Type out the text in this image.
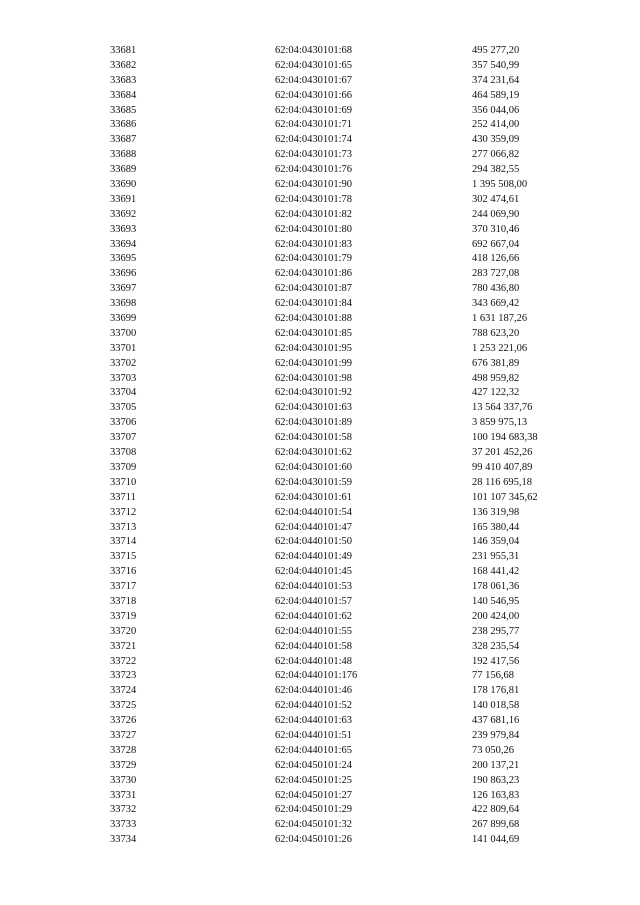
33681	62:04:0430101:68	495 277,20
33682	62:04:0430101:65	357 540,99
33683	62:04:0430101:67	374 231,64
33684	62:04:0430101:66	464 589,19
33685	62:04:0430101:69	356 044,06
33686	62:04:0430101:71	252 414,00
33687	62:04:0430101:74	430 359,09
33688	62:04:0430101:73	277 066,82
33689	62:04:0430101:76	294 382,55
33690	62:04:0430101:90	1 395 508,00
33691	62:04:0430101:78	302 474,61
33692	62:04:0430101:82	244 069,90
33693	62:04:0430101:80	370 310,46
33694	62:04:0430101:83	692 667,04
33695	62:04:0430101:79	418 126,66
33696	62:04:0430101:86	283 727,08
33697	62:04:0430101:87	780 436,80
33698	62:04:0430101:84	343 669,42
33699	62:04:0430101:88	1 631 187,26
33700	62:04:0430101:85	788 623,20
33701	62:04:0430101:95	1 253 221,06
33702	62:04:0430101:99	676 381,89
33703	62:04:0430101:98	498 959,82
33704	62:04:0430101:92	427 122,32
33705	62:04:0430101:63	13 564 337,76
33706	62:04:0430101:89	3 859 975,13
33707	62:04:0430101:58	100 194 683,38
33708	62:04:0430101:62	37 201 452,26
33709	62:04:0430101:60	99 410 407,89
33710	62:04:0430101:59	28 116 695,18
33711	62:04:0430101:61	101 107 345,62
33712	62:04:0440101:54	136 319,98
33713	62:04:0440101:47	165 380,44
33714	62:04:0440101:50	146 359,04
33715	62:04:0440101:49	231 955,31
33716	62:04:0440101:45	168 441,42
33717	62:04:0440101:53	178 061,36
33718	62:04:0440101:57	140 546,95
33719	62:04:0440101:62	200 424,00
33720	62:04:0440101:55	238 295,77
33721	62:04:0440101:58	328 235,54
33722	62:04:0440101:48	192 417,56
33723	62:04:0440101:176	77 156,68
33724	62:04:0440101:46	178 176,81
33725	62:04:0440101:52	140 018,58
33726	62:04:0440101:63	437 681,16
33727	62:04:0440101:51	239 979,84
33728	62:04:0440101:65	73 050,26
33729	62:04:0450101:24	200 137,21
33730	62:04:0450101:25	190 863,23
33731	62:04:0450101:27	126 163,83
33732	62:04:0450101:29	422 809,64
33733	62:04:0450101:32	267 899,68
33734	62:04:0450101:26	141 044,69
